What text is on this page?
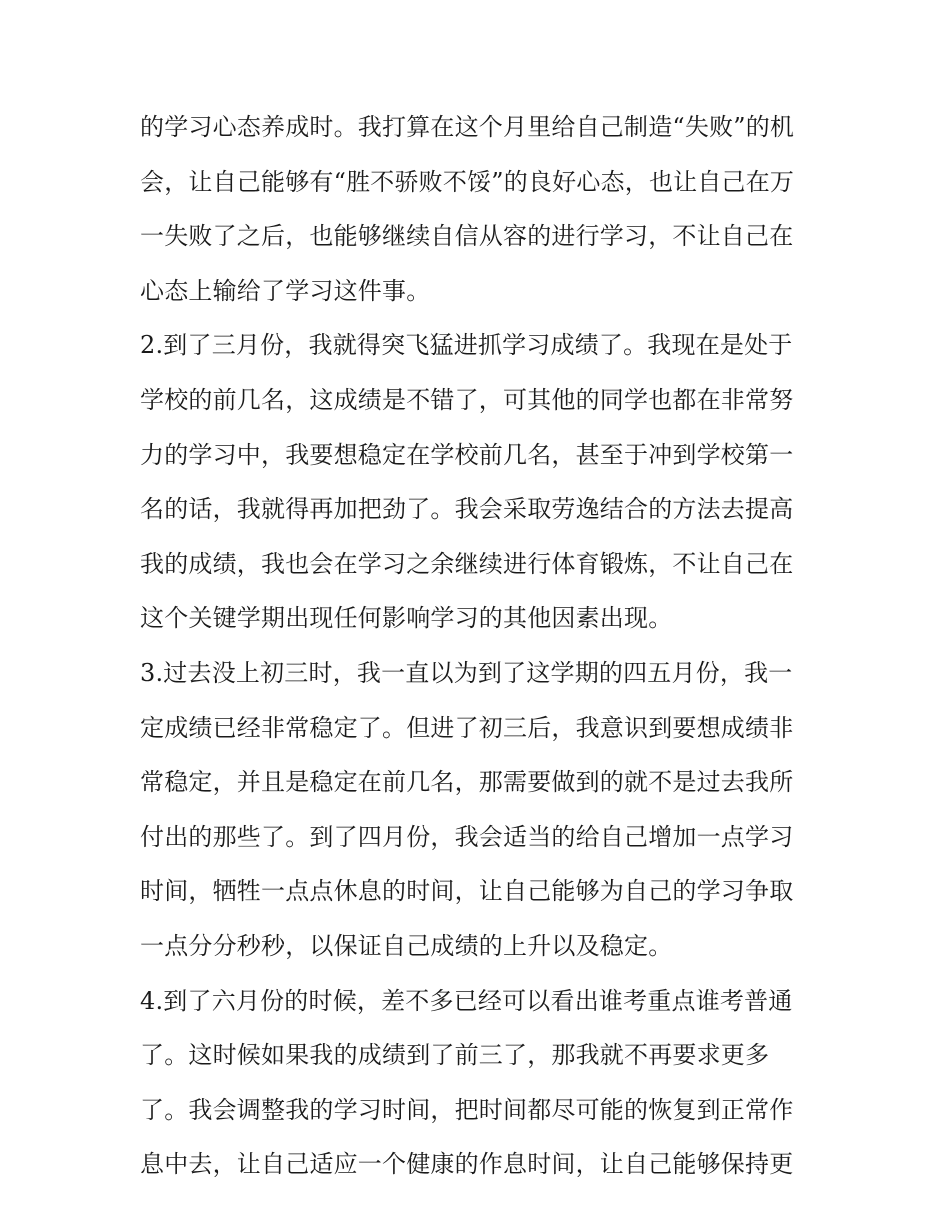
的学习心态养成时。我打算在这个月里给自己制造“失败”的机
会，让自己能够有“胜不骄败不馁”的良好心态，也让自己在万
一失败了之后，也能够继续自信从容的进行学习，不让自己在
心态上输给了学习这件事。
2.到了三月份，我就得突飞猛进抓学习成绩了。我现在是处于
学校的前几名，这成绩是不错了，可其他的同学也都在非常努
力的学习中，我要想稳定在学校前几名，甚至于冲到学校第一
名的话，我就得再加把劲了。我会采取劳逸结合的方法去提高
我的成绩，我也会在学习之余继续进行体育锻炼，不让自己在
这个关键学期出现任何影响学习的其他因素出现。
3.过去没上初三时，我一直以为到了这学期的四五月份，我一
定成绩已经非常稳定了。但进了初三后，我意识到要想成绩非
常稳定，并且是稳定在前几名，那需要做到的就不是过去我所
付出的那些了。到了四月份，我会适当的给自己增加一点学习
时间，牺牲一点点休息的时间，让自己能够为自己的学习争取
一点分分秒秒，以保证自己成绩的上升以及稳定。
4.到了六月份的时候，差不多已经可以看出谁考重点谁考普通
了。这时候如果我的成绩到了前三了，那我就不再要求更多
了。我会调整我的学习时间，把时间都尽可能的恢复到正常作
息中去，让自己适应一个健康的作息时间，让自己能够保持更
